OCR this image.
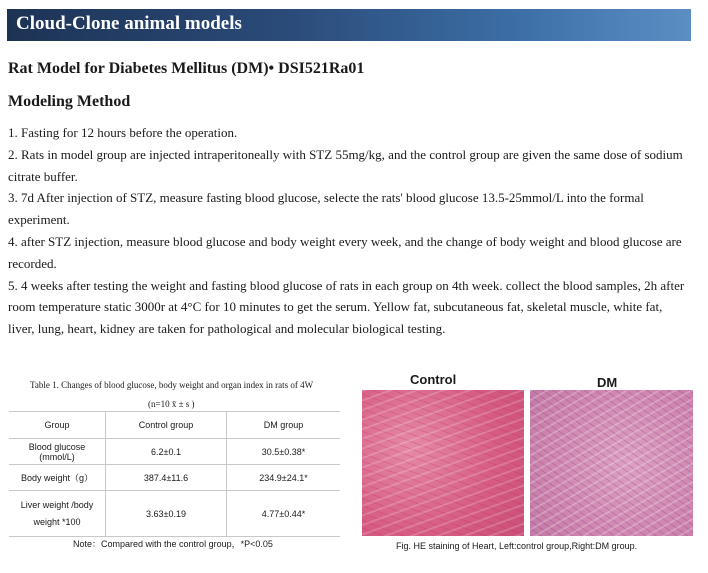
Cloud-Clone animal models
Rat Model for Diabetes Mellitus (DM)• DSI521Ra01
Modeling Method

1. Fasting for 12 hours before the operation.

2. Rats in model group are injected intraperitoneally with STZ 55mg/kg, and the control group are given the same dose of sodium citrate buffer.

3. 7d After injection of STZ, measure fasting blood glucose, selecte the rats' blood glucose 13.5-25mmol/L into the formal experiment.

4. after STZ injection, measure blood glucose and body weight every week, and the change of body weight and blood glucose are recorded.

5. 4 weeks after testing the weight and fasting blood glucose of rats in each group on 4th week. collect the blood samples, 2h after room temperature static 3000r at 4°C for 10 minutes to get the serum. Yellow fat, subcutaneous fat, skeletal muscle, white fat, liver, lung, heart, kidney are taken for pathological and molecular biological testing.

Table 1. Changes of blood glucose, body weight and organ index in rats of 4W
(n=10 x̄ ± s )
Group	Control group	DM group
Blood glucose (mmol/L)	6.2±0.1	30.5±0.38*
Body weight（g）	387.4±11.6	234.9±24.1*
Liver weight /body weight *100	3.63±0.19	4.77±0.44*
Note：Compared with the control group，*P<0.05
Control	DM
Fig. HE staining of Heart, Left:control group,Right:DM group.
